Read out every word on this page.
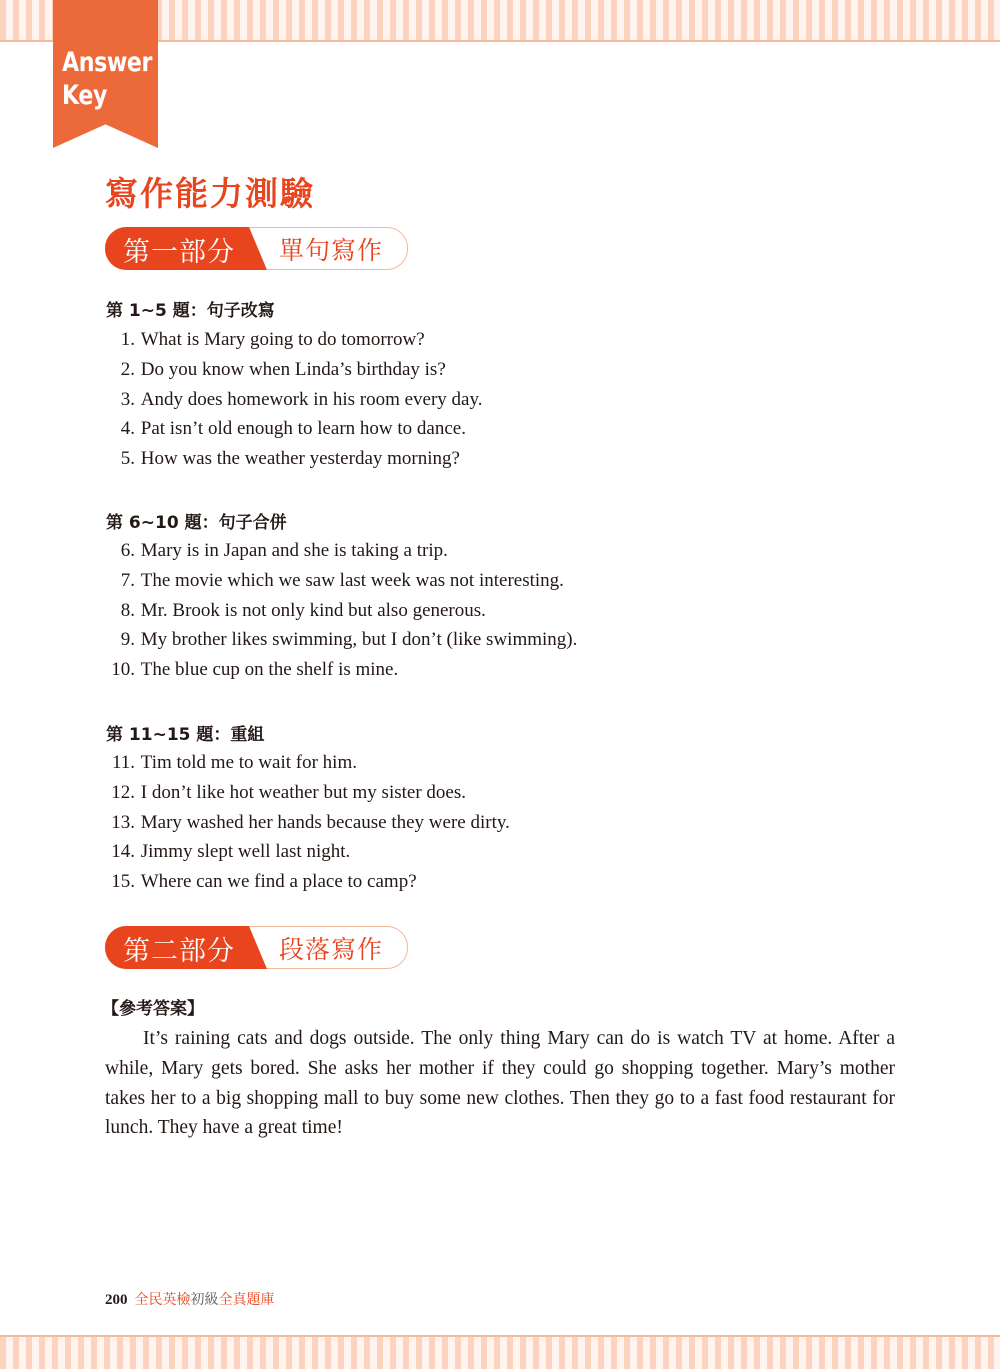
Answer
Key
寫作能力測驗
第一部分 單句寫作
第 1~5 題：句子改寫
1. What is Mary going to do tomorrow?
2. Do you know when Linda’s birthday is?
3. Andy does homework in his room every day.
4. Pat isn’t old enough to learn how to dance.
5. How was the weather yesterday morning?
第 6~10 題：句子合併
6. Mary is in Japan and she is taking a trip.
7. The movie which we saw last week was not interesting.
8. Mr. Brook is not only kind but also generous.
9. My brother likes swimming, but I don’t (like swimming).
10. The blue cup on the shelf is mine.
第 11~15 題：重組
11. Tim told me to wait for him.
12. I don’t like hot weather but my sister does.
13. Mary washed her hands because they were dirty.
14. Jimmy slept well last night.
15. Where can we find a place to camp?
第二部分 段落寫作
【參考答案】

It’s raining cats and dogs outside. The only thing Mary can do is watch TV at home. After a while, Mary gets bored. She asks her mother if they could go shopping together. Mary’s mother takes her to a big shopping mall to buy some new clothes. Then they go to a fast food restaurant for lunch. They have a great time!

200 全民英檢初級全真題庫
